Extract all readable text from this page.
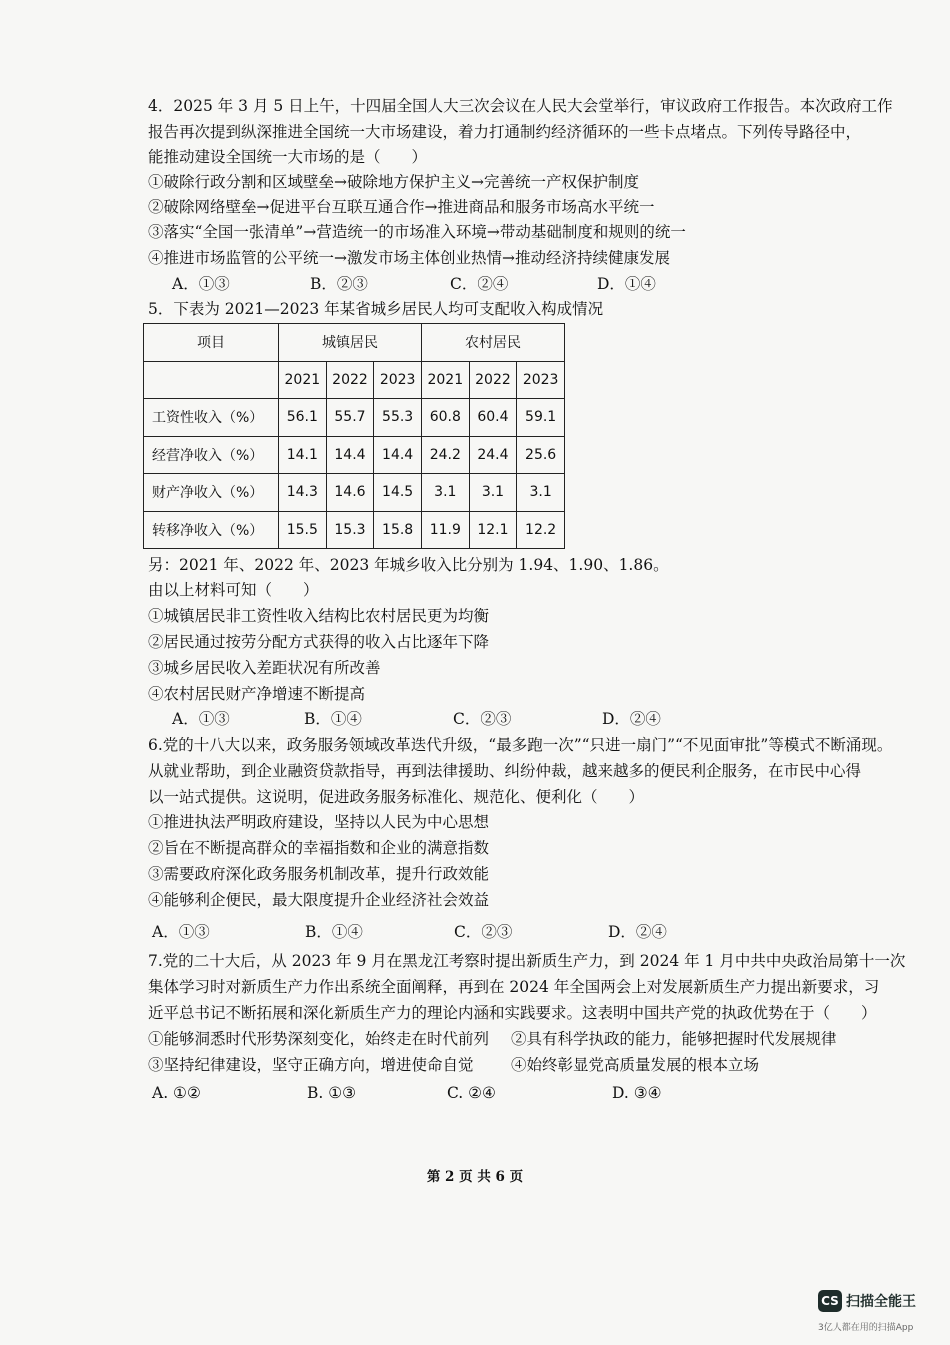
4．2025 年 3 月 5 日上午，十四届全国人大三次会议在人民大会堂举行，审议政府工作报告。本次政府工作
报告再次提到纵深推进全国统一大市场建设，着力打通制约经济循环的一些卡点堵点。下列传导路径中，
能推动建设全国统一大市场的是（　　）
①破除行政分割和区域壁垒→破除地方保护主义→完善统一产权保护制度
②破除网络壁垒→促进平台互联互通合作→推进商品和服务市场高水平统一
③落实“全国一张清单”→营造统一的市场准入环境→带动基础制度和规则的统一
④推进市场监管的公平统一→激发市场主体创业热情→推动经济持续健康发展
A．①③	B．②③	C．②④	D．①④
5．下表为 2021—2023 年某省城乡居民人均可支配收入构成情况
项目	城镇居民			农村居民		
	2021	2022	2023	2021	2022	2023
工资性收入（%）	56.1	55.7	55.3	60.8	60.4	59.1
经营净收入（%）	14.1	14.4	14.4	24.2	24.4	25.6
财产净收入（%）	14.3	14.6	14.5	3.1	3.1	3.1
转移净收入（%）	15.5	15.3	15.8	11.9	12.1	12.2
另：2021 年、2022 年、2023 年城乡收入比分别为 1.94、1.90、1.86。
由以上材料可知（　　）
①城镇居民非工资性收入结构比农村居民更为均衡
②居民通过按劳分配方式获得的收入占比逐年下降
③城乡居民收入差距状况有所改善
④农村居民财产净增速不断提高
A．①③	B．①④	C．②③	D．②④
6.党的十八大以来，政务服务领域改革迭代升级，“最多跑一次”“只进一扇门”“不见面审批”等模式不断涌现。
从就业帮助，到企业融资贷款指导，再到法律援助、纠纷仲裁，越来越多的便民利企服务，在市民中心得
以一站式提供。这说明，促进政务服务标准化、规范化、便利化（　　）
①推进执法严明政府建设，坚持以人民为中心思想
②旨在不断提高群众的幸福指数和企业的满意指数
③需要政府深化政务服务机制改革，提升行政效能
④能够利企便民，最大限度提升企业经济社会效益
A．①③	B．①④	C．②③	D．②④
7.党的二十大后，从 2023 年 9 月在黑龙江考察时提出新质生产力，到 2024 年 1 月中共中央政治局第十一次
集体学习时对新质生产力作出系统全面阐释，再到在 2024 年全国两会上对发展新质生产力提出新要求，习
近平总书记不断拓展和深化新质生产力的理论内涵和实践要求。这表明中国共产党的执政优势在于（　　）
①能够洞悉时代形势深刻变化，始终走在时代前列 ②具有科学执政的能力，能够把握时代发展规律
③坚持纪律建设，坚守正确方向，增进使命自觉 ④始终彰显党高质量发展的根本立场
A. ①②	B. ①③	C. ②④	D. ③④
第 2 页 共 6 页
CS 扫描全能王
3亿人都在用的扫描App
